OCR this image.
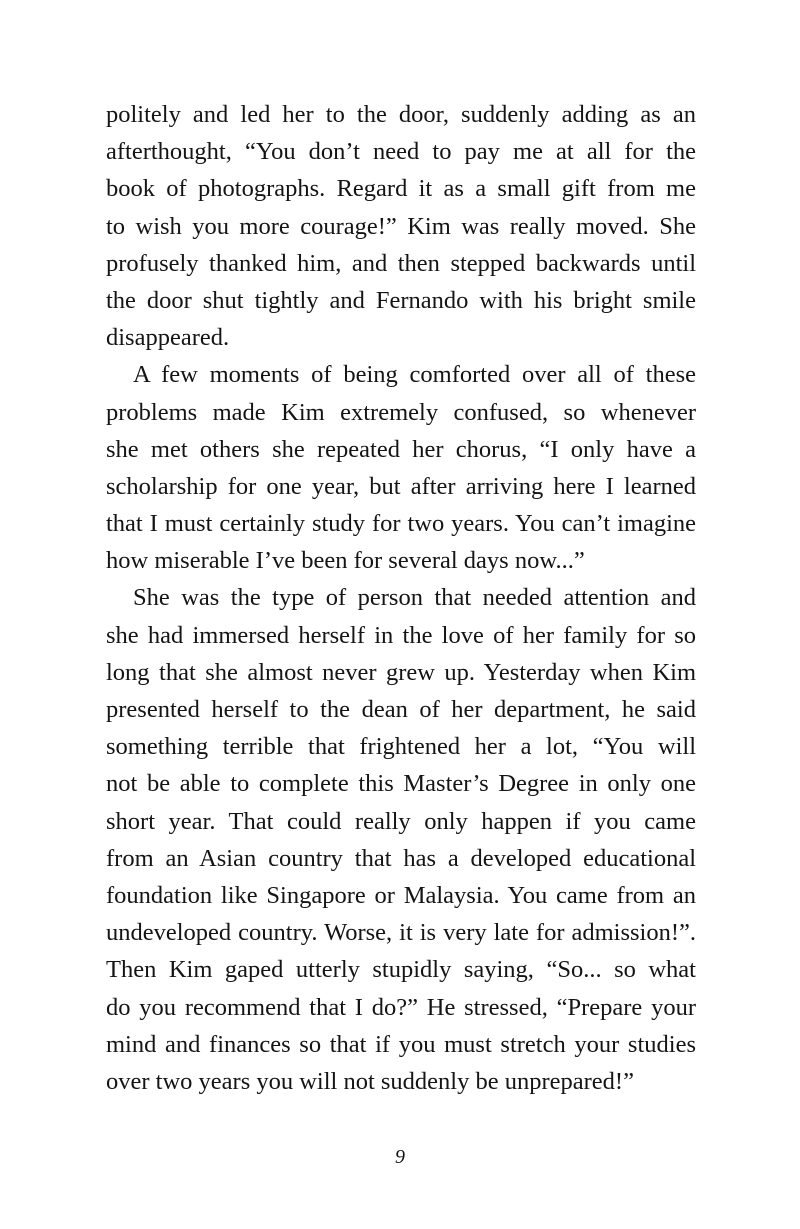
politely and led her to the door, suddenly adding as an
afterthought, “You don’t need to pay me at all for the
book of photographs. Regard it as a small gift from me
to wish you more courage!” Kim was really moved. She
profusely thanked him, and then stepped backwards until
the door shut tightly and Fernando with his bright smile
disappeared.
A few moments of being comforted over all of these
problems made Kim extremely confused, so whenever
she met others she repeated her chorus, “I only have a
scholarship for one year, but after arriving here I learned
that I must certainly study for two years. You can’t imagine
how miserable I’ve been for several days now...”
She was the type of person that needed attention and
she had immersed herself in the love of her family for so
long that she almost never grew up. Yesterday when Kim
presented herself to the dean of her department, he said
something terrible that frightened her a lot, “You will
not be able to complete this Master’s Degree in only one
short year. That could really only happen if you came
from an Asian country that has a developed educational
foundation like Singapore or Malaysia. You came from an
undeveloped country. Worse, it is very late for admission!”.
Then Kim gaped utterly stupidly saying, “So... so what
do you recommend that I do?” He stressed, “Prepare your
mind and finances so that if you must stretch your studies
over two years you will not suddenly be unprepared!”
9
